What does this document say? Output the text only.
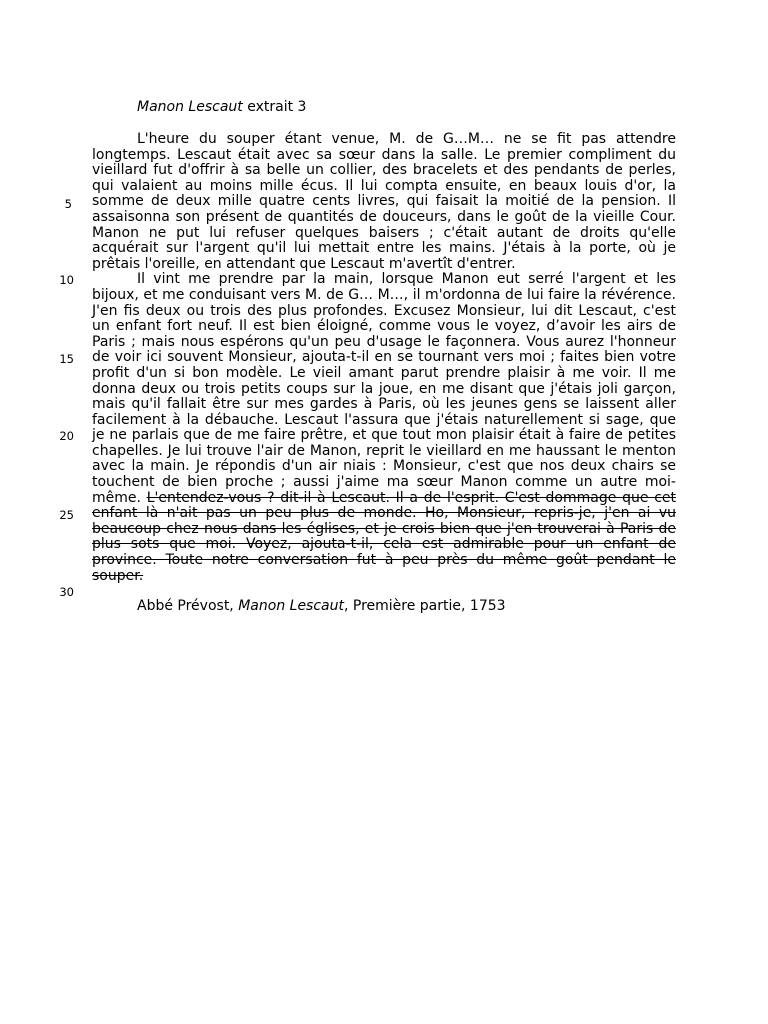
Manon Lescaut extrait 3

L'heure du souper étant venue, M. de G…M… ne se fit pas attendre longtemps. Lescaut était avec sa sœur dans la salle. Le premier compliment du vieillard fut d'offrir à sa belle un collier, des bracelets et des pendants de perles, qui valaient au moins mille écus. Il lui compta ensuite, en beaux louis d'or, la somme de deux mille quatre cents livres, qui faisait la moitié de la pension. Il assaisonna son présent de quantités de douceurs, dans le goût de la vieille Cour. Manon ne put lui refuser quelques baisers ; c'était autant de droits qu'elle acquérait sur l'argent qu'il lui mettait entre les mains. J'étais à la porte, où je prêtais l'oreille, en attendant que Lescaut m'avertît d'entrer.

Il vint me prendre par la main, lorsque Manon eut serré l'argent et les bijoux, et me conduisant vers M. de G… M…, il m'ordonna de lui faire la révérence. J'en fis deux ou trois des plus profondes. Excusez Monsieur, lui dit Lescaut, c'est un enfant fort neuf. Il est bien éloigné, comme vous le voyez, d’avoir les airs de Paris ; mais nous espérons qu'un peu d'usage le façonnera. Vous aurez l'honneur de voir ici souvent Monsieur, ajouta-t-il en se tournant vers moi ; faites bien votre profit d'un si bon modèle. Le vieil amant parut prendre plaisir à me voir. Il me donna deux ou trois petits coups sur la joue, en me disant que j'étais joli garçon, mais qu'il fallait être sur mes gardes à Paris, où les jeunes gens se laissent aller facilement à la débauche. Lescaut l'assura que j'étais naturellement si sage, que je ne parlais que de me faire prêtre, et que tout mon plaisir était à faire de petites chapelles. Je lui trouve l'air de Manon, reprit le vieillard en me haussant le menton avec la main. Je répondis d'un air niais : Monsieur, c'est que nos deux chairs se touchent de bien proche ; aussi j'aime ma sœur Manon comme un autre moi-même. L'entendez-vous ? dit-il à Lescaut. Il a de l'esprit. C'est dommage que cet enfant là n'ait pas un peu plus de monde. Ho, Monsieur, repris-je, j'en ai vu beaucoup chez nous dans les églises, et je crois bien que j'en trouverai à Paris de plus sots que moi. Voyez, ajouta-t-il, cela est admirable pour un enfant de province. Toute notre conversation fut à peu près du même goût pendant le souper.

5
10
15
20
25
30
Abbé Prévost, Manon Lescaut, Première partie, 1753
